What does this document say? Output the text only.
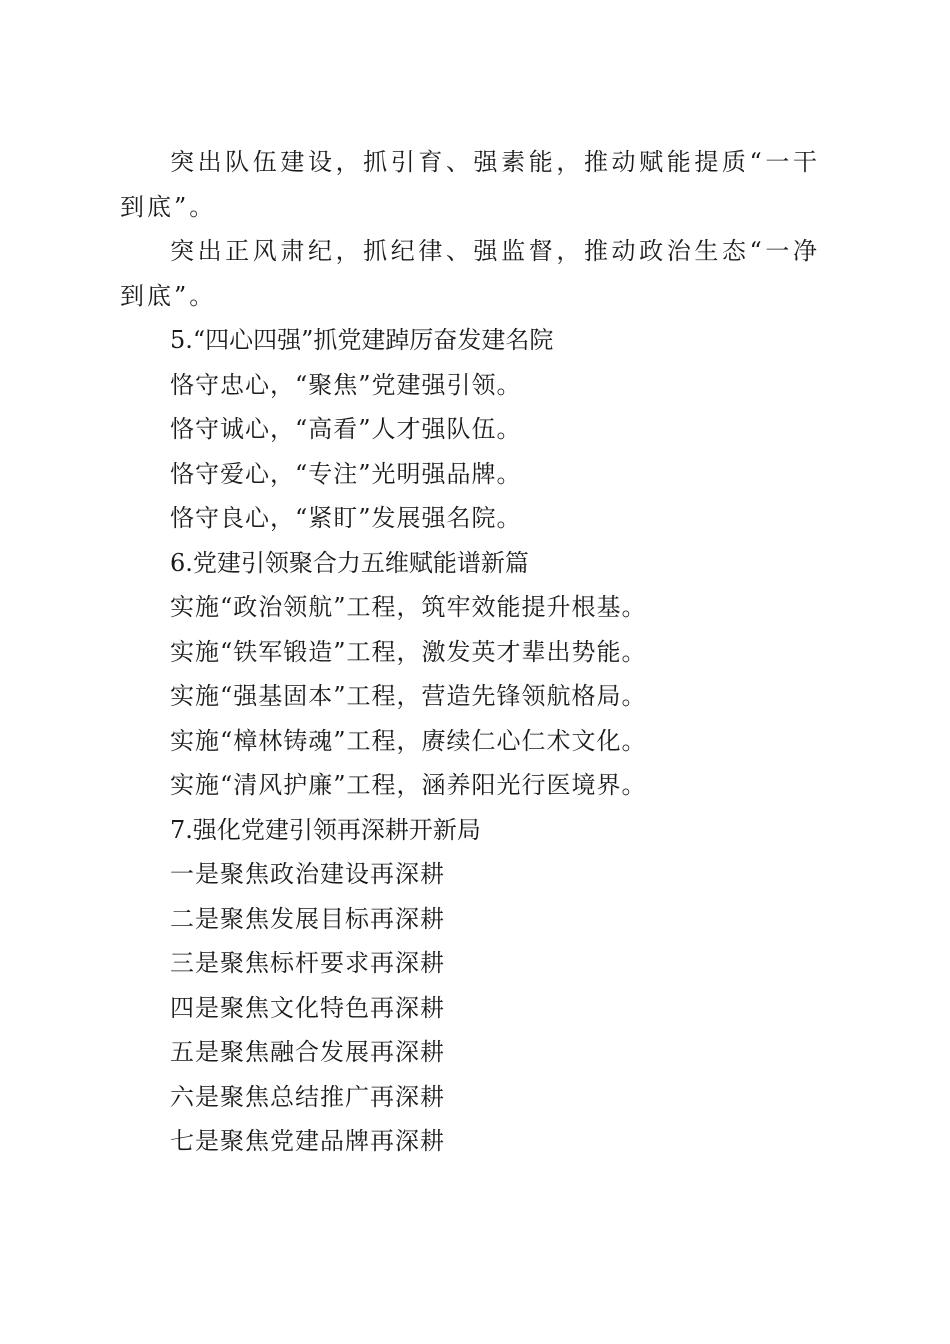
突出队伍建设，抓引育、强素能，推动赋能提质“一干到底”。

突出正风肃纪，抓纪律、强监督，推动政治生态“一净到底”。

5.“四心四强”抓党建踔厉奋发建名院

恪守忠心，“聚焦”党建强引领。

恪守诚心，“高看”人才强队伍。

恪守爱心，“专注”光明强品牌。

恪守良心，“紧盯”发展强名院。

6.党建引领聚合力五维赋能谱新篇

实施“政治领航”工程，筑牢效能提升根基。

实施“铁军锻造”工程，激发英才辈出势能。

实施“强基固本”工程，营造先锋领航格局。

实施“樟林铸魂”工程，赓续仁心仁术文化。

实施“清风护廉”工程，涵养阳光行医境界。

7.强化党建引领再深耕开新局

一是聚焦政治建设再深耕

二是聚焦发展目标再深耕

三是聚焦标杆要求再深耕

四是聚焦文化特色再深耕

五是聚焦融合发展再深耕

六是聚焦总结推广再深耕

七是聚焦党建品牌再深耕
